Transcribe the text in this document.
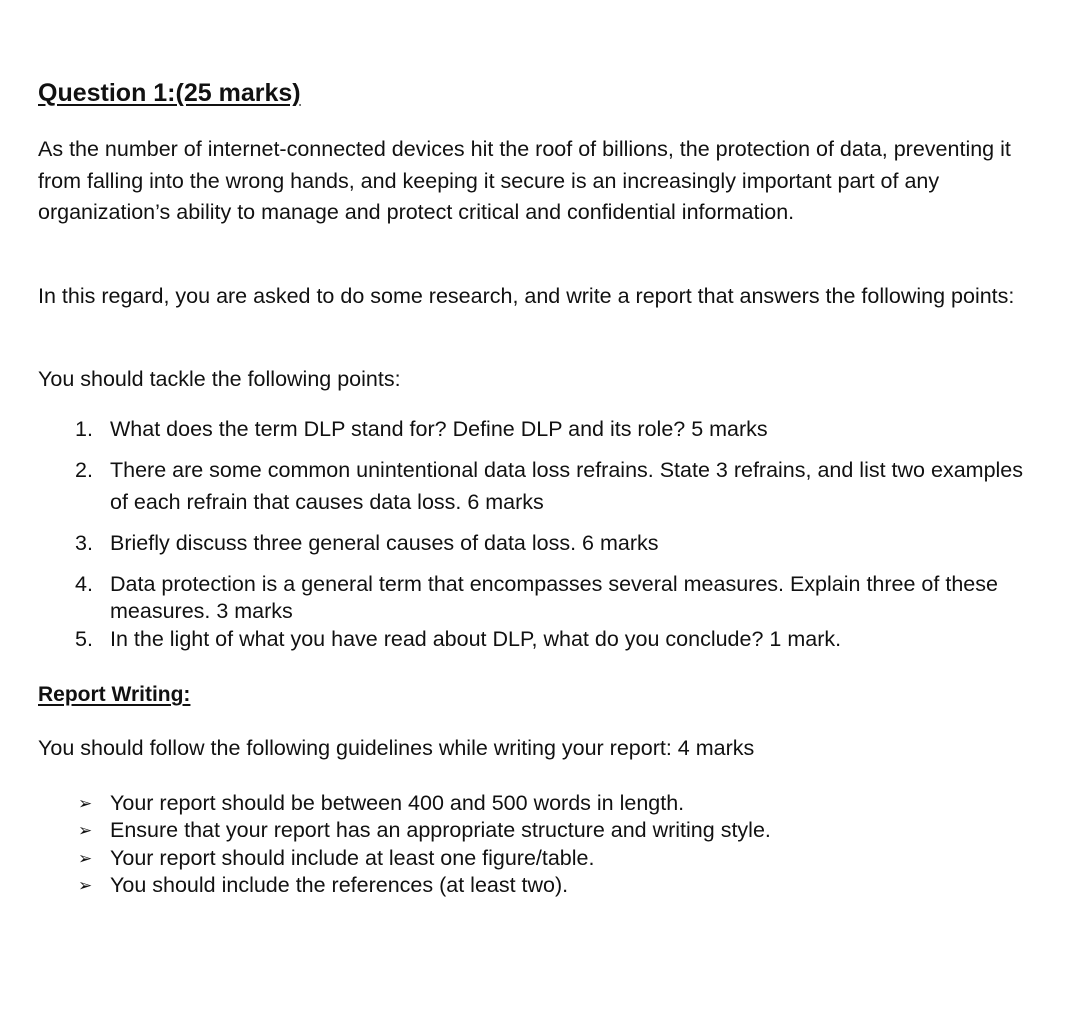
Question 1:(25 marks)

As the number of internet-connected devices hit the roof of billions, the protection of data, preventing it from falling into the wrong hands, and keeping it secure is an increasingly important part of any organization’s ability to manage and protect critical and confidential information.

In this regard, you are asked to do some research, and write a report that answers the following points:

You should tackle the following points:

1. What does the term DLP stand for? Define DLP and its role? 5 marks

2. There are some common unintentional data loss refrains. State 3 refrains, and list two examples of each refrain that causes data loss. 6 marks

3. Briefly discuss three general causes of data loss. 6 marks

4. Data protection is a general term that encompasses several measures. Explain three of these measures. 3 marks

5. In the light of what you have read about DLP, what do you conclude? 1 mark.

Report Writing:

You should follow the following guidelines while writing your report: 4 marks

➢ Your report should be between 400 and 500 words in length.

➢ Ensure that your report has an appropriate structure and writing style.

➢ Your report should include at least one figure/table.

➢ You should include the references (at least two).
